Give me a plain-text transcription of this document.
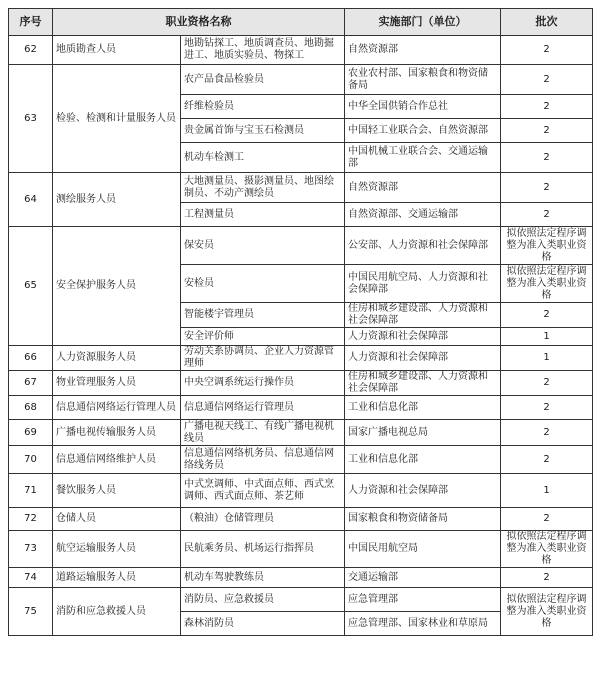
序号	职业资格名称		实施部门（单位）	批次
62	地质勘查人员	地勘钻探工、地质调查员、地勘掘进工、地质实验员、物探工	自然资源部	2
63	检验、检测和计量服务人员	农产品食品检验员	农业农村部、国家粮食和物资储备局	2
		纤维检验员	中华全国供销合作总社	2
		贵金属首饰与宝玉石检测员	中国轻工业联合会、自然资源部	2
		机动车检测工	中国机械工业联合会、交通运输部	2
64	测绘服务人员	大地测量员、摄影测量员、地图绘制员、不动产测绘员	自然资源部	2
		工程测量员	自然资源部、交通运输部	2
65	安全保护服务人员	保安员	公安部、人力资源和社会保障部	拟依照法定程序调整为准入类职业资格
		安检员	中国民用航空局、人力资源和社会保障部	拟依照法定程序调整为准入类职业资格
		智能楼宇管理员	住房和城乡建设部、人力资源和社会保障部	2
		安全评价师	人力资源和社会保障部	1
66	人力资源服务人员	劳动关系协调员、企业人力资源管理师	人力资源和社会保障部	1
67	物业管理服务人员	中央空调系统运行操作员	住房和城乡建设部、人力资源和社会保障部	2
68	信息通信网络运行管理人员	信息通信网络运行管理员	工业和信息化部	2
69	广播电视传输服务人员	广播电视天线工、有线广播电视机线员	国家广播电视总局	2
70	信息通信网络维护人员	信息通信网络机务员、信息通信网络线务员	工业和信息化部	2
71	餐饮服务人员	中式烹调师、中式面点师、西式烹调师、西式面点师、茶艺师	人力资源和社会保障部	1
72	仓储人员	（粮油）仓储管理员	国家粮食和物资储备局	2
73	航空运输服务人员	民航乘务员、机场运行指挥员	中国民用航空局	拟依照法定程序调整为准入类职业资格
74	道路运输服务人员	机动车驾驶教练员	交通运输部	2
75	消防和应急救援人员	消防员、应急救援员	应急管理部	拟依照法定程序调整为准入类职业资格
		森林消防员	应急管理部、国家林业和草原局	
